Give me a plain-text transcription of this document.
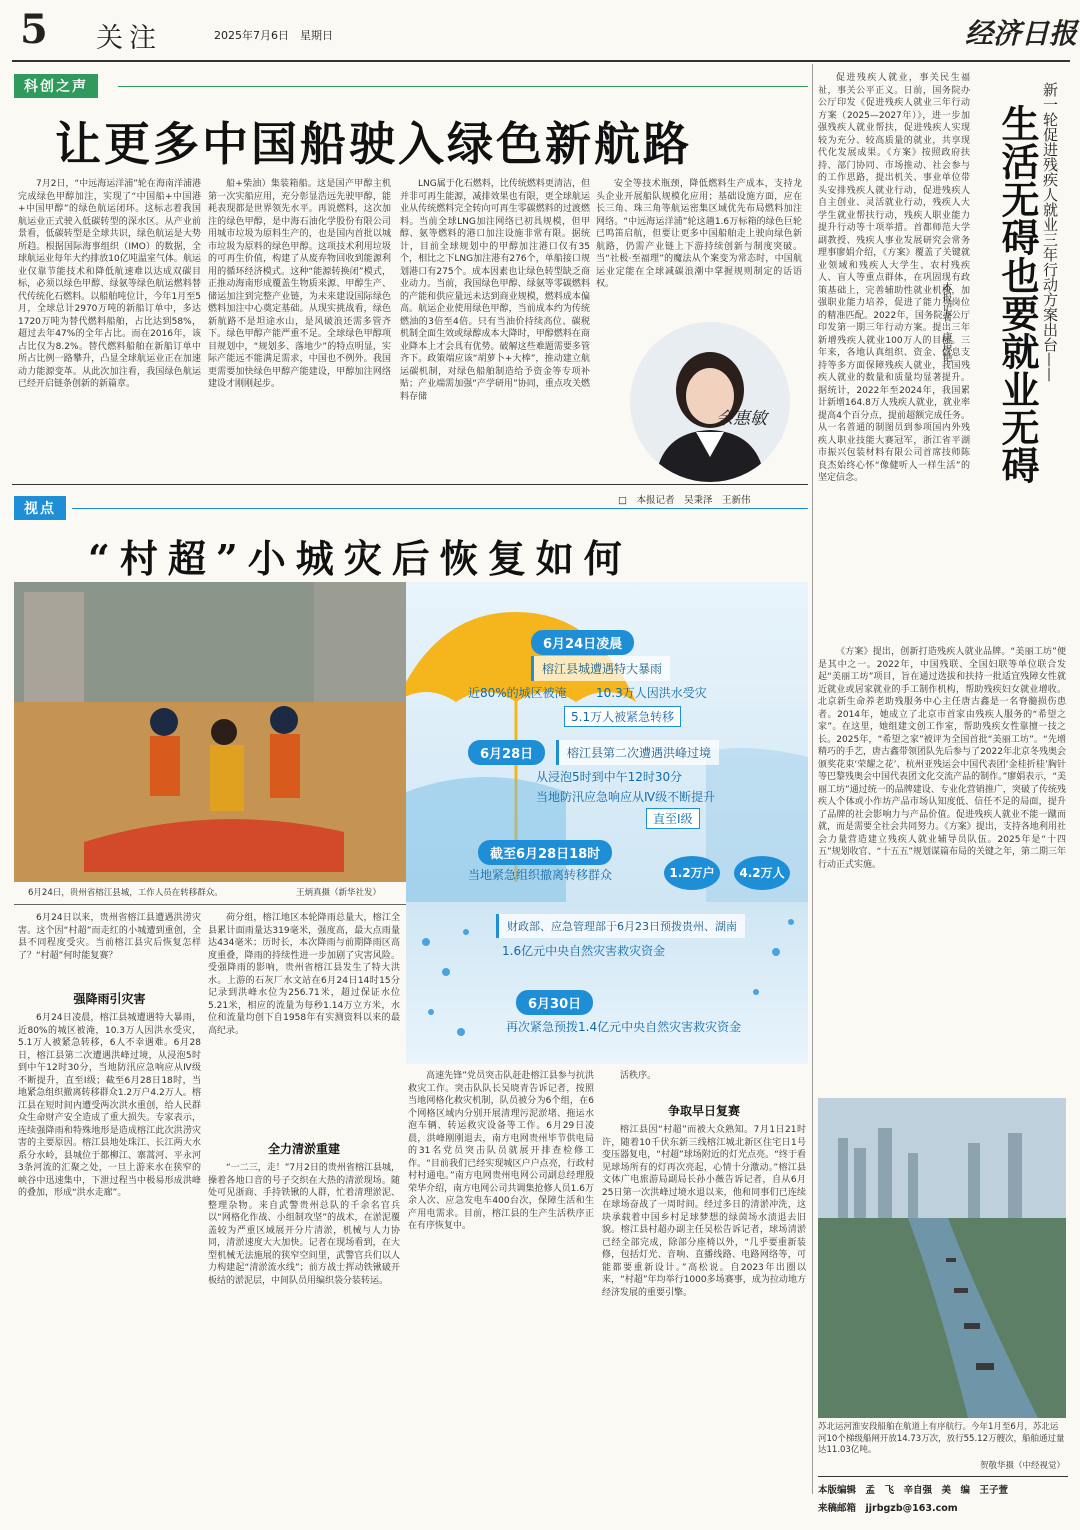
5 关注	2025年7月6日　星期日	经济日报
科创之声
让更多中国船驶入绿色新航路
7月2日，“中远海运洋浦”轮在海南洋浦港完成绿色甲醇加注，实现了“中国船+中国港+中国甲醇”的绿色航运闭环。这标志着我国航运业正式驶入低碳转型的深水区。从产业前景看，低碳转型是全球共识，绿色航运是大势所趋。根据国际海事组织（IMO）的数据，全球航运业每年大约排放10亿吨温室气体。航运业仅靠节能技术和降低航速难以达成双碳目标，必须以绿色甲醇、绿氨等绿色航运燃料替代传统化石燃料。以船舶吨位计，今年1月至5月，全球总计2970万吨的新船订单中，多达1720万吨为替代燃料船舶，占比达到58%，超过去年47%的全年占比。而在2016年，该占比仅为8.2%。替代燃料船舶在新船订单中所占比例一路攀升，凸显全球航运业正在加速动力能源变革。从此次加注看，我国绿色航运已经开启链条创新的新篇章。
船+柴油）集装箱船。这是国产甲醇主机第一次实船应用，充分彰显浩远先驶甲醇，能耗表现都是世界领先水平。再说燃料，这次加注的绿色甲醇，是中海石油化学股份有限公司用城市垃圾为原料生产的，也是国内首批以城市垃圾为原料的绿色甲醇。这项技术利用垃圾的可再生价值，构建了从废弃物回收到能源利用的循环经济模式。这种“能源转换闭”模式，正推动海南形成覆盖生物质来源、甲醇生产、储运加注到完整产业链，为未来建设国际绿色燃料加注中心奠定基础。从现实挑战看，绿色新航路不是坦途水山，是风破浪还需多管齐下。绿色甲醇产能严重不足。全球绿色甲醇项目规划中，“规划多、落地少”的特点明显，实际产能远不能满足需求，中国也不例外。我国更需要加快绿色甲醇产能建设，甲醇加注网络建设才刚刚起步。
LNG属于化石燃料，比传统燃料更清洁，但并非可再生能源，减排效果也有限，更全球航运业从传统燃料完全转向可再生零碳燃料的过渡燃料。当前全球LNG加注网络已初具规模，但甲醇、氨等燃料的港口加注设施非常有限。据统计，目前全球规划中的甲醇加注港口仅有35个，相比之下LNG加注港有276个，单船接口规划港口有275个。成本因素也让绿色转型缺乏商业动力。当前，我国绿色甲醇、绿氨等零碳燃料的产能和供应量远未达到商业规模，燃料成本偏高。航运企业使用绿色甲醇，当前成本约为传统燃油的3倍至4倍。只有当油价持续高位、碳税机制全面生效或绿醇成本大降时，甲醇燃料在商业降本上才会具有优势。破解这些难题需要多管齐下。政策端应该“胡萝卜+大棒”，推动建立航运碳机制，对绿色船舶制造给予资金等专项补贴；产业端需加强“产学研用”协同，重点攻关燃料存储
安全等技术瓶颈，降低燃料生产成本，支持龙头企业开展船队规模化应用；基础设施方面，应在长三角、珠三角等航运密集区域优先布局燃料加注网络。“中远海运洋浦”轮这趟1.6万标箱的绿色巨轮已鸣笛启航，但要让更多中国船舶走上驶向绿色新航路，仍需产业链上下游持续创新与制度突破。当“社极·至福理”的魔法从个案变为常态时，中国航运业定能在全球减碳浪潮中掌握规则制定的话语权。
余惠敏
□　本报记者　吴秉泽　王新伟
视点
“村超”小城灾后恢复如何
6月24日凌晨
榕江县城遭遇特大暴雨
近80%的城区被淹 10.3万人因洪水受灾
5.1万人被紧急转移
6月28日	榕江县第二次遭遇洪峰过境
从浸泡5时到中午12时30分
当地防汛应急响应从Ⅳ级不断提升
直至Ⅰ级
截至6月28日18时
当地紧急组织撤离转移群众	1.2万户	4.2万人
财政部、应急管理部于6月23日预拨贵州、湖南
1.6亿元中央自然灾害救灾资金
6月30日
再次紧急预拨1.4亿元中央自然灾害救灾资金
6月24日，贵州省榕江县城，工作人员在转移群众。	王炳真摄（新华社发）
6月24日以来，贵州省榕江县遭遇洪涝灾害。这个因“村超”而走红的小城遭到重创，全县不同程度受灾。当前榕江县灾后恢复怎样了？“村超”何时能复赛？
强降雨引灾害
6月24日凌晨，榕江县城遭遇特大暴雨，近80%的城区被淹，10.3万人因洪水受灾，5.1万人被紧急转移，6人不幸遇难。6月28日，榕江县第二次遭遇洪峰过境，从浸泡5时到中午12时30分，当地防汛应急响应从Ⅳ级不断提升，直至Ⅰ级；截至6月28日18时，当地紧急组织撤离转移群众1.2万户4.2万人。榕江县在短时间内遭受两次洪水重创，给人民群众生命财产安全造成了重大损失。专家表示，连续强降雨和特殊地形是造成榕江此次洪涝灾害的主要原因。榕江县地处珠江、长江两大水系分水岭，县城位于都柳江、寨蒿河、平永河3条河流的汇聚之处，一旦上游来水在狭窄的峡谷中迅速集中，下泄过程当中极易形成洪峰的叠加，形成“洪水走廊”。
荷分组，榕江地区本轮降雨总量大，榕江全县累计面雨量达319毫米，强度高，最大点雨量达434毫米；历时长，本次降雨与前期降雨区高度重叠，降雨的持续性进一步加剧了灾害风险。受强降雨的影响，贵州省榕江县发生了特大洪水。上游的石灰厂水文站在6月24日14时15分记录到洪峰水位为256.71米，超过保证水位5.21米，相应的流量为每秒1.14万立方米，水位和流量均创下自1958年有实测资料以来的最高纪录。
全力清淤重建
“一二三，走！”7月2日的贵州省榕江县城，操着各地口音的号子交织在大热的清淤现场。随处可见浙商、手持铁锹的人群，忙着清理淤泥、整理杂物。来自武警贵州总队的千余名官兵以“网格化作战、小组制攻坚”的战术，在淤泥覆盖较为严重区域展开分片清淤，机械与人力协同，清淤速度大大加快。记者在现场看到，在大型机械无法施展的狭窄空间里，武警官兵们以人力构建起“清淤流水线”；前方战士挥动铁锹破开板结的淤泥层，中间队员用编织袋分装转运。
高速先锋”党员突击队赶赴榕江县参与抗洪救灾工作。突击队队长吴晓青告诉记者，按照当地网格化救灾机制，队员被分为6个组，在6个网格区域内分别开展清理污泥淤堵、拖运水泡车辆、转运救灾设备等工作。6月29日凌晨，洪峰刚刚退去，南方电网贵州毕节供电局的31名党员突击队员就展开排查检修工作。“目前我们已经实现城区户户点亮，行政村村村通电。”南方电网贵州电网公司副总经理殷荣华介绍，南方电网公司共调集抢修人员1.6万余人次、应急发电车400台次，保障生活和生产用电需求。目前，榕江县的生产生活秩序正在有序恢复中。
活秩序。
争取早日复赛
榕江县因“村超”而被大众熟知。7月1日21时许，随着10千伏东新三线榕江城北新区住宅日1号变压器复电，“村超”球场附近的灯光点亮。“终于看见球场所有的灯再次亮起，心情十分激动。”榕江县文体广电旅游局副局长孙小薇告诉记者，自从6月25日第一次洪峰过境水退以来，他和同事们已连续在球场奋战了一周时间。经过多日的清淤冲洗，这块承载着中国乡村足球梦想的绿茵场水渍退去旧貌。榕江县村超办副主任吴松告诉记者，球场清淤已经全部完成，除部分座椅以外，“几乎要重新装修，包括灯光、音响、直播线路、电路网络等，可能都要重新设计。”高松说。自2023年出圈以来，“村超”年均举行1000多场赛事，成为拉动地方经济发展的重要引擎。
促进残疾人就业，事关民生福祉，事关公平正义。日前，国务院办公厅印发《促进残疾人就业三年行动方案（2025—2027年）》，进一步加强残疾人就业帮扶，促进残疾人实现较为充分、较高质量的就业，共享现代化发展成果。《方案》按照政府扶持、部门协同、市场推动、社会参与的工作思路，提出机关、事业单位带头安排残疾人就业行动，促进残疾人自主创业、灵活就业行动，残疾人大学生就业帮扶行动，残疾人职业能力提升行动等十项举措。首都师范大学副教授、残疾人事业发展研究会常务理事廖娟介绍，《方案》覆盖了关键就业领域和残疾人大学生、农村残疾人、盲人等重点群体，在巩固现有政策基础上，完善辅助性就业机构，加强职业能力培养，促进了能力与岗位的精准匹配。2022年，国务院办公厅印发第一期三年行动方案。提出三年新增残疾人就业100万人的目标。三年来，各地认真组织、资金、信息支持等多方面保障残疾人就业，我国残疾人就业的数量和质量均显著提升。据统计，2022年至2024年，我国累计新增164.8万人残疾人就业，就业率提高4个百分点，提前超额完成任务。从一名普通的制图员到参项国内外残疾人职业技能大赛冠军，浙江省平湖市振兴包装材料有限公司首席技师陈良杰始终心怀“像健听人一样生活”的坚定信念。
新一轮促进残疾人就业三年行动方案出台——
生活无碍也要就业无碍
本报记者　康琼艳
《方案》提出，创新打造残疾人就业品牌。“美丽工坊”便是其中之一。2022年，中国残联、全国妇联等单位联合发起“美丽工坊”项目，旨在通过选拔和扶持一批适宜残障女性就近就业或居家就业的手工制作机构，帮助残疾妇女就业增收。北京新生命养老助残服务中心主任唐古鑫是一名脊髓损伤患者。2014年，她成立了北京市首家由残疾人服务的“希望之家”。在这里，她组建文创工作室，帮助残疾女性靠擅一技之长。2025年，“希望之家”被评为全国首批“美丽工坊”。“先增精巧的手艺，唐古鑫带领团队先后参与了2022年北京冬残奥会颁奖花束‘荣耀之花’、杭州亚残运会中国代表团‘金桂折桂’胸针等巴黎残奥会中国代表团文化交流产品的制作。”廖娟表示，“美丽工坊”通过统一的品牌建设、专业化营销推广，突破了传统残疾人个体或小作坊产品市场认知度低、信任不足的局面，提升了品牌的社会影响力与产品价值。促进残疾人就业不能一蹴而就，而是需要全社会共同努力。《方案》提出，支持各地利用社会力量营造建立残疾人就业辅导员队伍。2025年是“十四五”规划收官、“十五五”规划谋篇布局的关键之年，第二期三年行动正式实施。
苏北运河淮安段船舶在航道上有序航行。今年1月至6月，苏北运河10个梯级船闸开放14.73万次，放行55.12万艘次，船舶通过量达11.03亿吨。
贺敬华摄（中经视觉）
本版编辑　孟　飞　辛自强　美　编　王子萱
来稿邮箱　jjrbgzb@163.com
